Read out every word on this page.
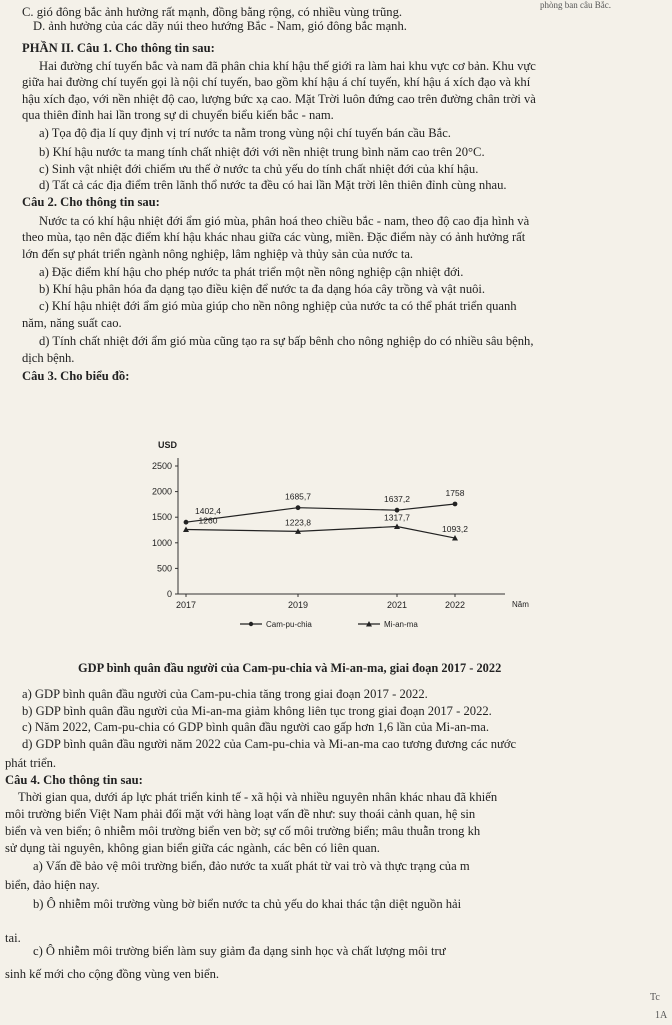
phòng ban câu Bắc.
C. gió đông bắc ảnh hưởng rất mạnh, đồng bằng rộng, có nhiều vùng trũng.
D. ảnh hưởng của các dãy núi theo hướng Bắc - Nam, gió đông bắc mạnh.
PHẦN II. Câu 1. Cho thông tin sau:
Hai đường chí tuyến bắc và nam đã phân chia khí hậu thế giới ra làm hai khu vực cơ bản. Khu vực
giữa hai đường chí tuyến gọi là nội chí tuyến, bao gồm khí hậu á chí tuyến, khí hậu á xích đạo và khí
hậu xích đạo, với nền nhiệt độ cao, lượng bức xạ cao. Mặt Trời luôn đứng cao trên đường chân trời và
qua thiên đỉnh hai lần trong sự di chuyển biểu kiến bắc - nam.
a) Tọa độ địa lí quy định vị trí nước ta nằm trong vùng nội chí tuyến bán cầu Bắc.
b) Khí hậu nước ta mang tính chất nhiệt đới với nền nhiệt trung bình năm cao trên 20°C.
c) Sinh vật nhiệt đới chiếm ưu thế ở nước ta chủ yếu do tính chất nhiệt đới của khí hậu.
d) Tất cả các địa điểm trên lãnh thổ nước ta đều có hai lần Mặt trời lên thiên đỉnh cùng nhau.
Câu 2. Cho thông tin sau:
Nước ta có khí hậu nhiệt đới ẩm gió mùa, phân hoá theo chiều bắc - nam, theo độ cao địa hình và
theo mùa, tạo nên đặc điểm khí hậu khác nhau giữa các vùng, miền. Đặc điểm này có ảnh hưởng rất
lớn đến sự phát triển ngành nông nghiệp, lâm nghiệp và thủy sản của nước ta.
a) Đặc điểm khí hậu cho phép nước ta phát triển một nền nông nghiệp cận nhiệt đới.
b) Khí hậu phân hóa đa dạng tạo điều kiện để nước ta đa dạng hóa cây trồng và vật nuôi.
c) Khí hậu nhiệt đới ẩm gió mùa giúp cho nền nông nghiệp của nước ta có thể phát triển quanh
năm, năng suất cao.
d) Tính chất nhiệt đới ẩm gió mùa cũng tạo ra sự bấp bênh cho nông nghiệp do có nhiều sâu bệnh,
dịch bệnh.
Câu 3. Cho biểu đồ:
USD
Năm
0
500
1000
1500
2000
2500
2017	2019	2021	2022
1402,4
1685,7	1637,2
1758
Cam-pu-chia
1260	1223,8	1317,7
1093,2
Mi-an-ma
GDP bình quân đầu người của Cam-pu-chia và Mi-an-ma, giai đoạn 2017 - 2022
a) GDP bình quân đầu người của Cam-pu-chia tăng trong giai đoạn 2017 - 2022.
b) GDP bình quân đầu người của Mi-an-ma giảm không liên tục trong giai đoạn 2017 - 2022.
c) Năm 2022, Cam-pu-chia có GDP bình quân đầu người cao gấp hơn 1,6 lần của Mi-an-ma.
d) GDP bình quân đầu người năm 2022 của Cam-pu-chia và Mi-an-ma cao tương đương các nước
phát triển.
Câu 4. Cho thông tin sau:
Thời gian qua, dưới áp lực phát triển kinh tế - xã hội và nhiều nguyên nhân khác nhau đã khiến
môi trường biển Việt Nam phải đối mặt với hàng loạt vấn đề như: suy thoái cảnh quan, hệ sin
biển và ven biển; ô nhiễm môi trường biển ven bờ; sự cố môi trường biển; mâu thuẫn trong kh
sử dụng tài nguyên, không gian biển giữa các ngành, các bên có liên quan.
a) Vấn đề bảo vệ môi trường biển, đảo nước ta xuất phát từ vai trò và thực trạng của m
biển, đảo hiện nay.
b) Ô nhiễm môi trường vùng bờ biển nước ta chủ yếu do khai thác tận diệt nguồn hải
tai.
c) Ô nhiễm môi trường biển làm suy giảm đa dạng sinh học và chất lượng môi trư
sinh kế mới cho cộng đồng vùng ven biển.
Tc
1A
